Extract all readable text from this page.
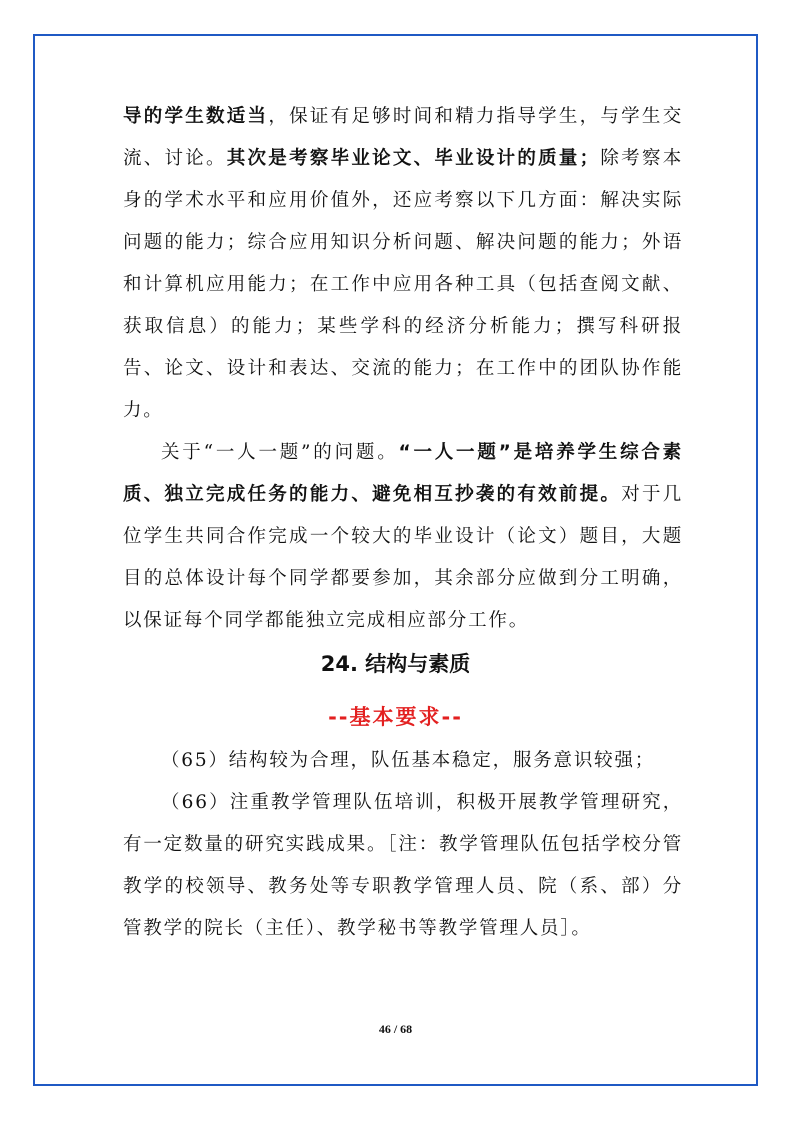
导的学生数适当，保证有足够时间和精力指导学生，与学生交流、讨论。其次是考察毕业论文、毕业设计的质量；除考察本身的学术水平和应用价值外，还应考察以下几方面：解决实际问题的能力；综合应用知识分析问题、解决问题的能力；外语和计算机应用能力；在工作中应用各种工具（包括查阅文献、获取信息）的能力；某些学科的经济分析能力；撰写科研报告、论文、设计和表达、交流的能力；在工作中的团队协作能力。

关于“一人一题”的问题。“一人一题”是培养学生综合素质、独立完成任务的能力、避免相互抄袭的有效前提。对于几位学生共同合作完成一个较大的毕业设计（论文）题目，大题目的总体设计每个同学都要参加，其余部分应做到分工明确，以保证每个同学都能独立完成相应部分工作。

24. 结构与素质
--基本要求--

（65）结构较为合理，队伍基本稳定，服务意识较强；

（66）注重教学管理队伍培训，积极开展教学管理研究，有一定数量的研究实践成果。［注：教学管理队伍包括学校分管教学的校领导、教务处等专职教学管理人员、院（系、部）分管教学的院长（主任）、教学秘书等教学管理人员］。

46 / 68
